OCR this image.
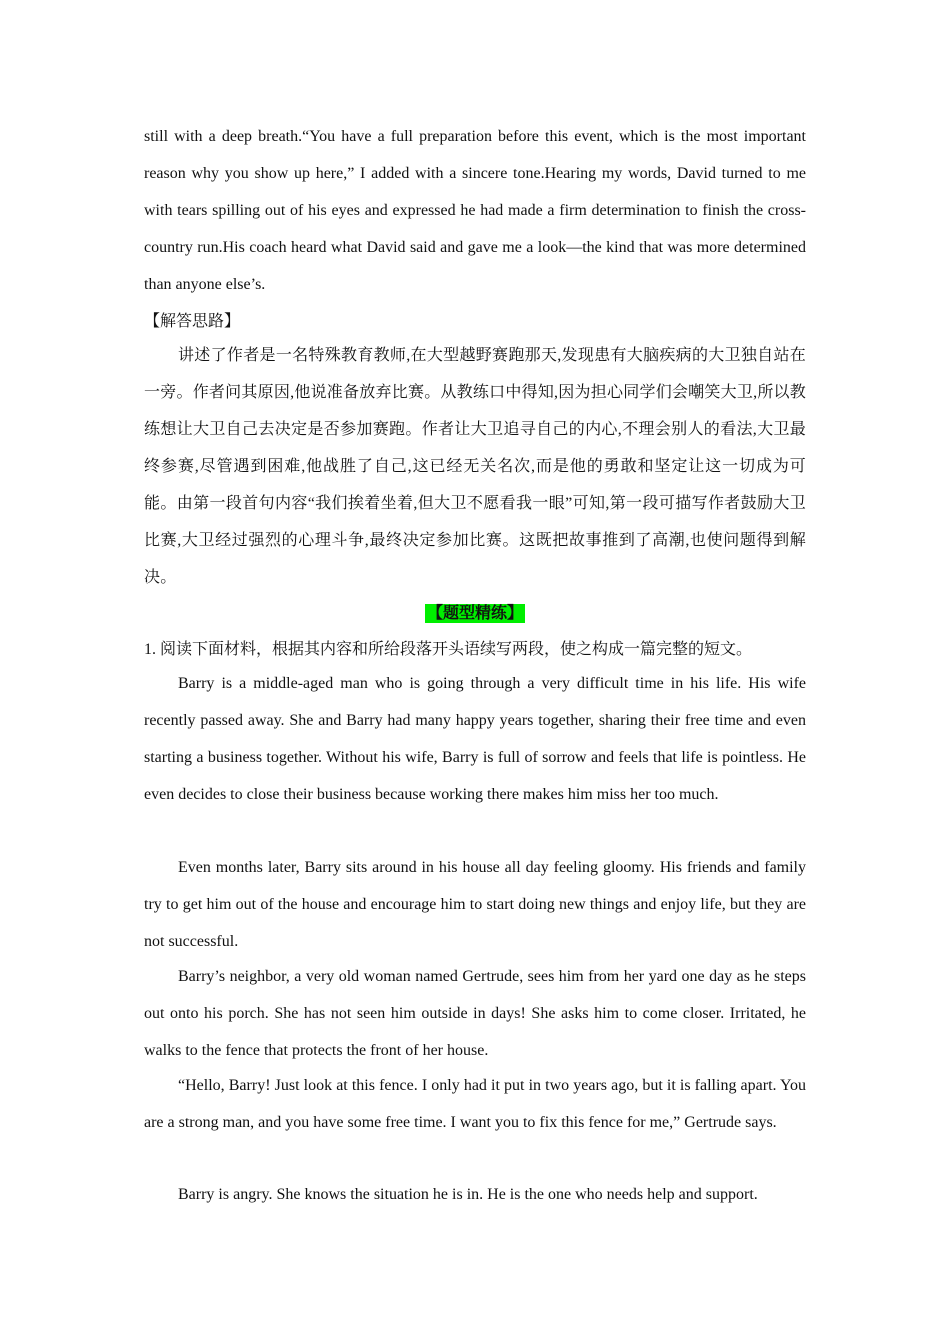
still with a deep breath.“You have a full preparation before this event, which is the most important reason why you show up here,” I added with a sincere tone.Hearing my words, David turned to me with tears spilling out of his eyes and expressed he had made a firm determination to finish the cross-country run.His coach heard what David said and gave me a look—the kind that was more determined than anyone else’s.

【解答思路】

讲述了作者是一名特殊教育教师,在大型越野赛跑那天,发现患有大脑疾病的大卫独自站在一旁。作者问其原因,他说准备放弃比赛。从教练口中得知,因为担心同学们会嘲笑大卫,所以教练想让大卫自己去决定是否参加赛跑。作者让大卫追寻自己的内心,不理会别人的看法,大卫最终参赛,尽管遇到困难,他战胜了自己,这已经无关名次,而是他的勇敢和坚定让这一切成为可能。由第一段首句内容“我们挨着坐着,但大卫不愿看我一眼”可知,第一段可描写作者鼓励大卫比赛,大卫经过强烈的心理斗争,最终决定参加比赛。这既把故事推到了高潮,也使问题得到解决。

【题型精练】
1. 阅读下面材料，根据其内容和所给段落开头语续写两段，使之构成一篇完整的短文。

Barry is a middle-aged man who is going through a very difficult time in his life. His wife recently passed away. She and Barry had many happy years together, sharing their free time and even starting a business together. Without his wife, Barry is full of sorrow and feels that life is pointless. He even decides to close their business because working there makes him miss her too much.

Even months later, Barry sits around in his house all day feeling gloomy. His friends and family try to get him out of the house and encourage him to start doing new things and enjoy life, but they are not successful.

Barry’s neighbor, a very old woman named Gertrude, sees him from her yard one day as he steps out onto his porch. She has not seen him outside in days! She asks him to come closer. Irritated, he walks to the fence that protects the front of her house.

“Hello, Barry! Just look at this fence. I only had it put in two years ago, but it is falling apart. You are a strong man, and you have some free time. I want you to fix this fence for me,” Gertrude says.

Barry is angry. She knows the situation he is in. He is the one who needs help and support.
